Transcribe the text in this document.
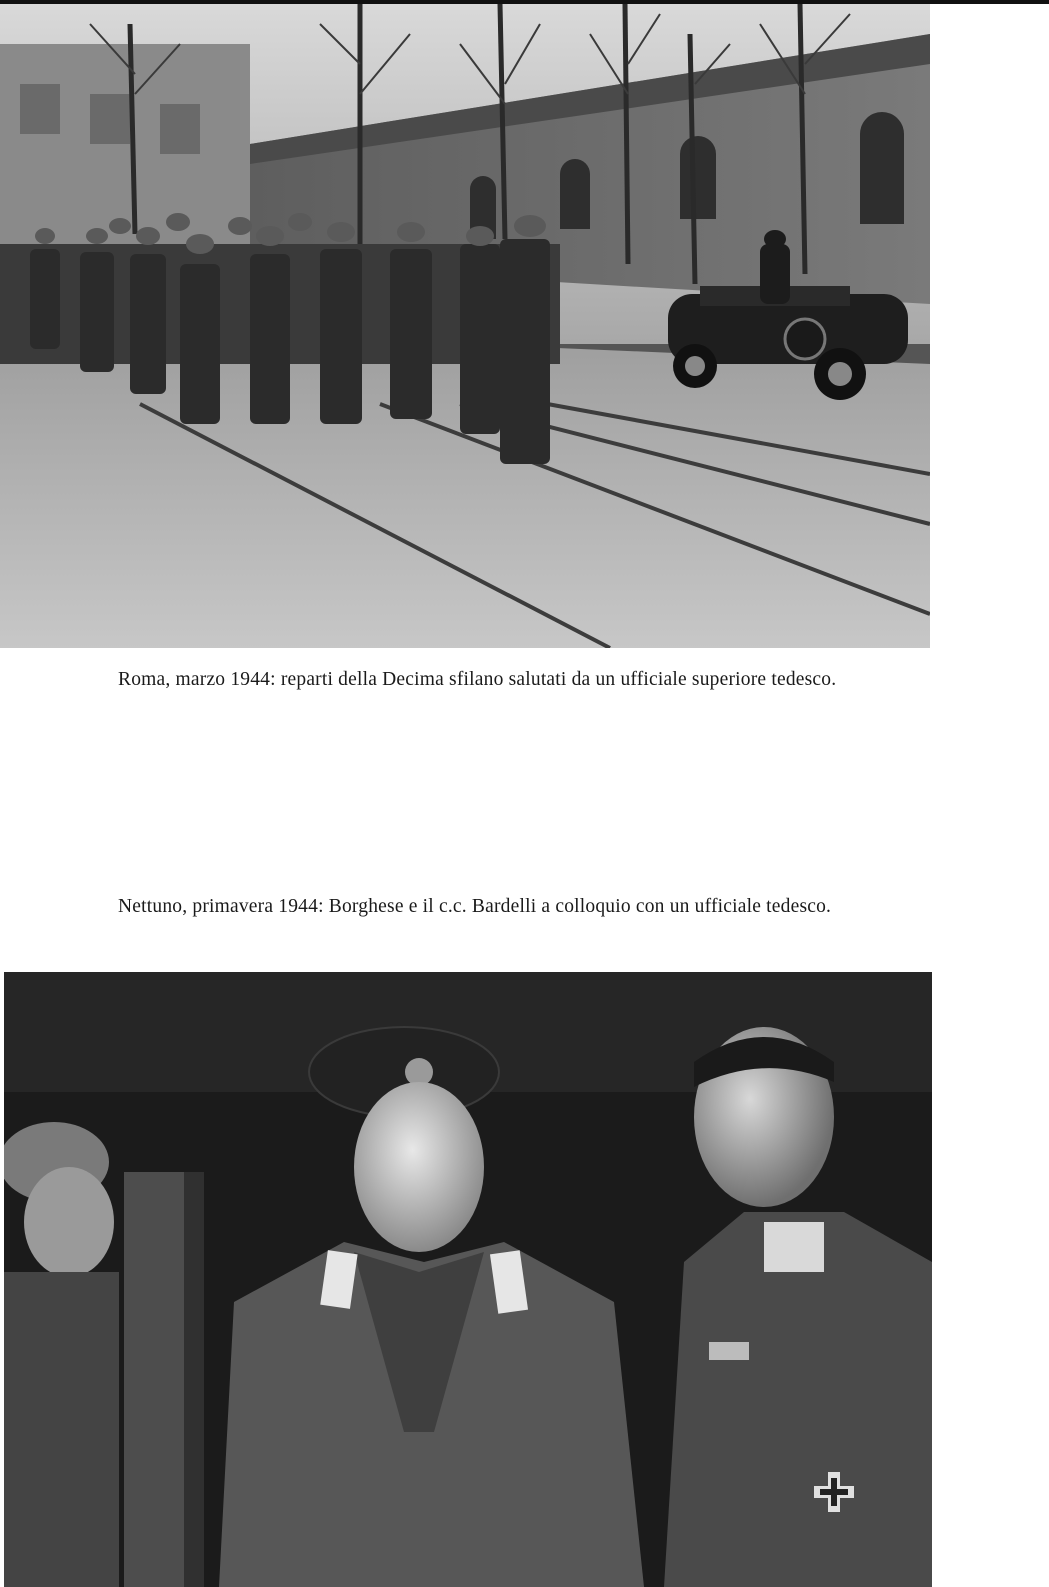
Roma, marzo 1944: reparti della Decima sfilano salutati da un ufficiale superiore tedesco.
Nettuno, primavera 1944: Borghese e il c.c. Bardelli a colloquio con un ufficiale tedesco.
